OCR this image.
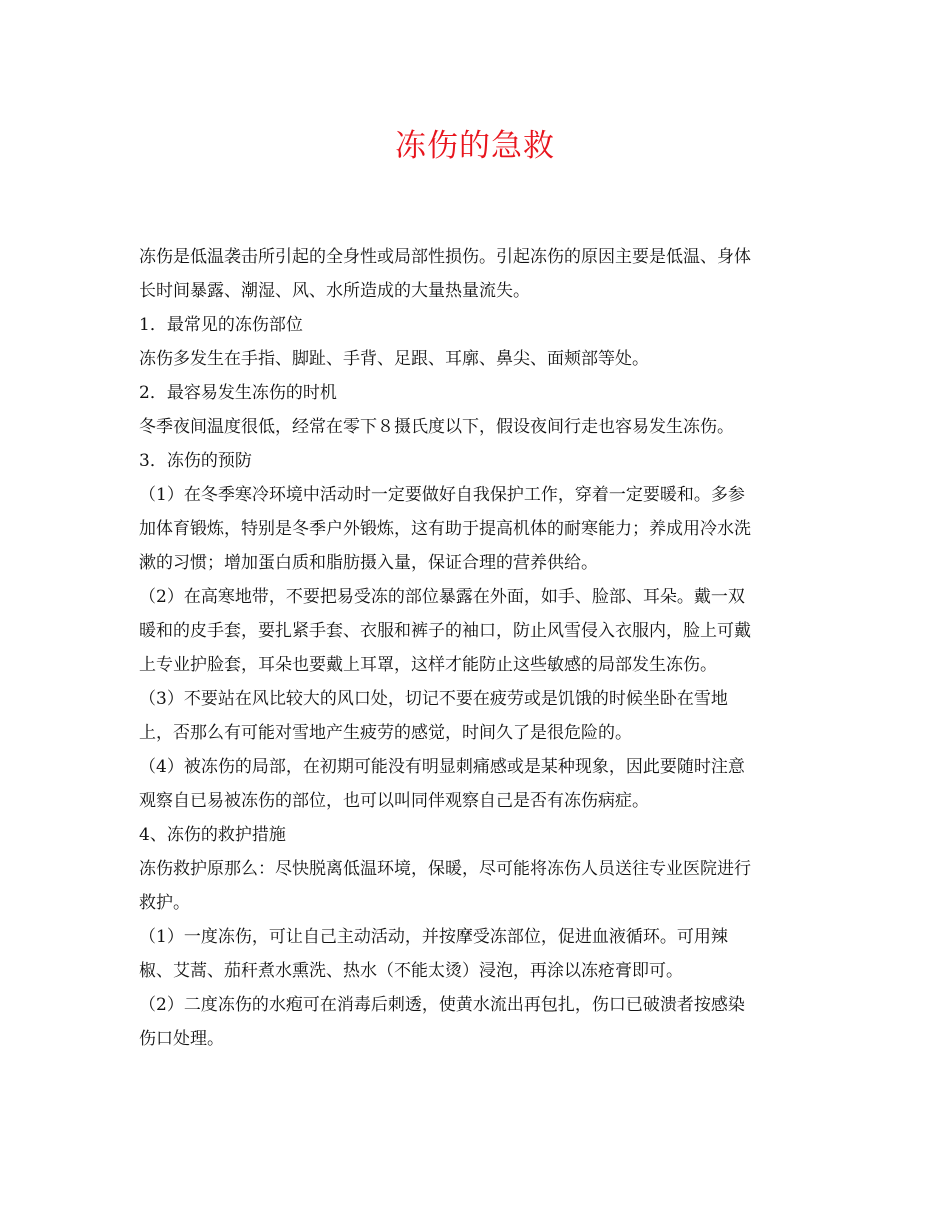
冻伤的急救

冻伤是低温袭击所引起的全身性或局部性损伤。引起冻伤的原因主要是低温、身体

长时间暴露、潮湿、风、水所造成的大量热量流失。

1．最常见的冻伤部位

冻伤多发生在手指、脚趾、手背、足跟、耳廓、鼻尖、面颊部等处。

2．最容易发生冻伤的时机

冬季夜间温度很低，经常在零下８摄氏度以下，假设夜间行走也容易发生冻伤。

3．冻伤的预防

（1）在冬季寒冷环境中活动时一定要做好自我保护工作，穿着一定要暖和。多参

加体育锻炼，特别是冬季户外锻炼，这有助于提高机体的耐寒能力；养成用冷水洗

漱的习惯；增加蛋白质和脂肪摄入量，保证合理的营养供给。

（2）在高寒地带，不要把易受冻的部位暴露在外面，如手、脸部、耳朵。戴一双

暖和的皮手套，要扎紧手套、衣服和裤子的袖口，防止风雪侵入衣服内，脸上可戴

上专业护脸套，耳朵也要戴上耳罩，这样才能防止这些敏感的局部发生冻伤。

（3）不要站在风比较大的风口处，切记不要在疲劳或是饥饿的时候坐卧在雪地

上，否那么有可能对雪地产生疲劳的感觉，时间久了是很危险的。

（4）被冻伤的局部，在初期可能没有明显刺痛感或是某种现象，因此要随时注意

观察自已易被冻伤的部位，也可以叫同伴观察自己是否有冻伤病症。

4、冻伤的救护措施

冻伤救护原那么：尽快脱离低温环境，保暖，尽可能将冻伤人员送往专业医院进行

救护。

（1）一度冻伤，可让自己主动活动，并按摩受冻部位，促进血液循环。可用辣

椒、艾蒿、茄秆煮水熏洗、热水（不能太烫）浸泡，再涂以冻疮膏即可。

（2）二度冻伤的水疱可在消毒后刺透，使黄水流出再包扎，伤口已破溃者按感染

伤口处理。
